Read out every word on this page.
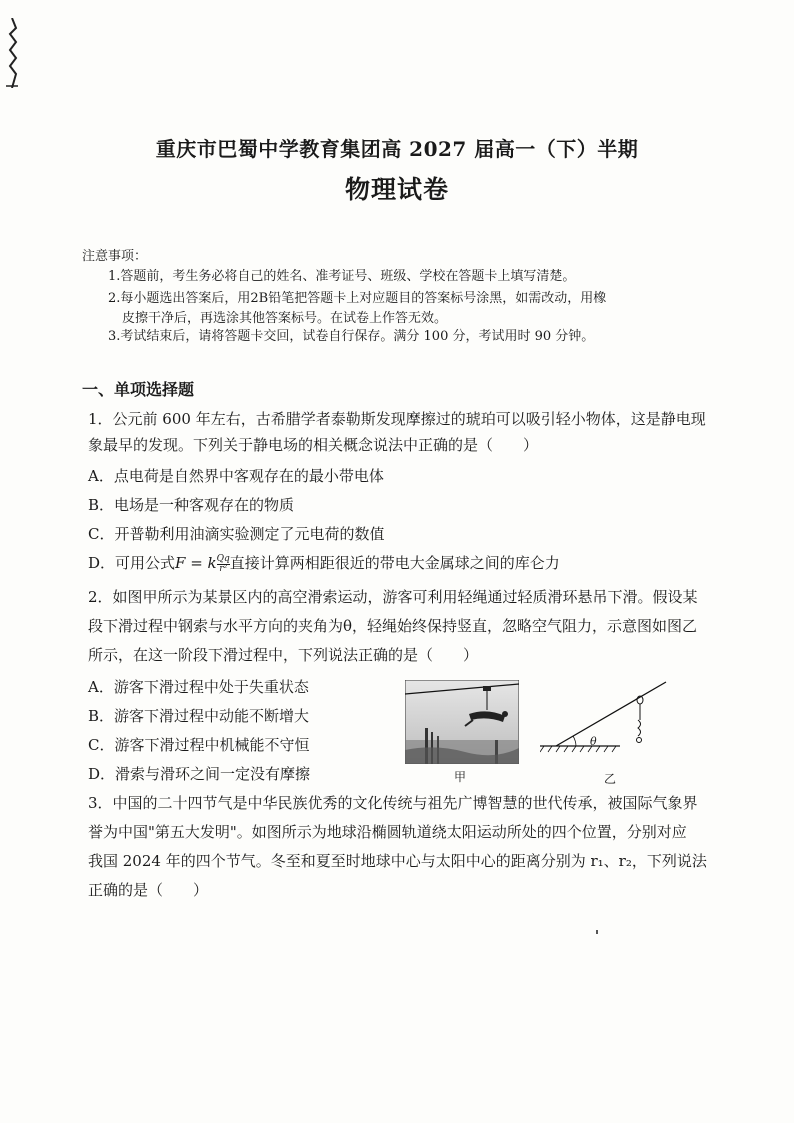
重庆市巴蜀中学教育集团高 2027 届高一（下）半期
物理试卷
注意事项：
1.答题前，考生务必将自己的姓名、准考证号、班级、学校在答题卡上填写清楚。
2.每小题选出答案后，用2B铅笔把答题卡上对应题目的答案标号涂黑，如需改动，用橡
皮擦干净后，再选涂其他答案标号。在试卷上作答无效。
3.考试结束后，请将答题卡交回，试卷自行保存。满分 100 分，考试用时 90 分钟。
一、单项选择题
1．公元前 600 年左右，古希腊学者泰勒斯发现摩擦过的琥珀可以吸引轻小物体，这是静电现
象最早的发现。下列关于静电场的相关概念说法中正确的是（　　）
A．点电荷是自然界中客观存在的最小带电体
B．电场是一种客观存在的物质
C．开普勒利用油滴实验测定了元电荷的数值
D．可用公式F = k $\frac{Qq}{\text{r²}}$ 直接计算两相距很近的带电大金属球之间的库仑力
2．如图甲所示为某景区内的高空滑索运动，游客可利用轻绳通过轻质滑环悬吊下滑。假设某
段下滑过程中钢索与水平方向的夹角为θ，轻绳始终保持竖直，忽略空气阻力，示意图如图乙
所示，在这一阶段下滑过程中，下列说法正确的是（　　）
A．游客下滑过程中处于失重状态
B．游客下滑过程中动能不断增大
C．游客下滑过程中机械能不守恒
D．滑索与滑环之间一定没有摩擦	甲
θ
乙
3．中国的二十四节气是中华民族优秀的文化传统与祖先广博智慧的世代传承，被国际气象界
誉为中国"第五大发明"。如图所示为地球沿椭圆轨道绕太阳运动所处的四个位置，分别对应
我国 2024 年的四个节气。冬至和夏至时地球中心与太阳中心的距离分别为 r₁、r₂，下列说法
正确的是（　　）
